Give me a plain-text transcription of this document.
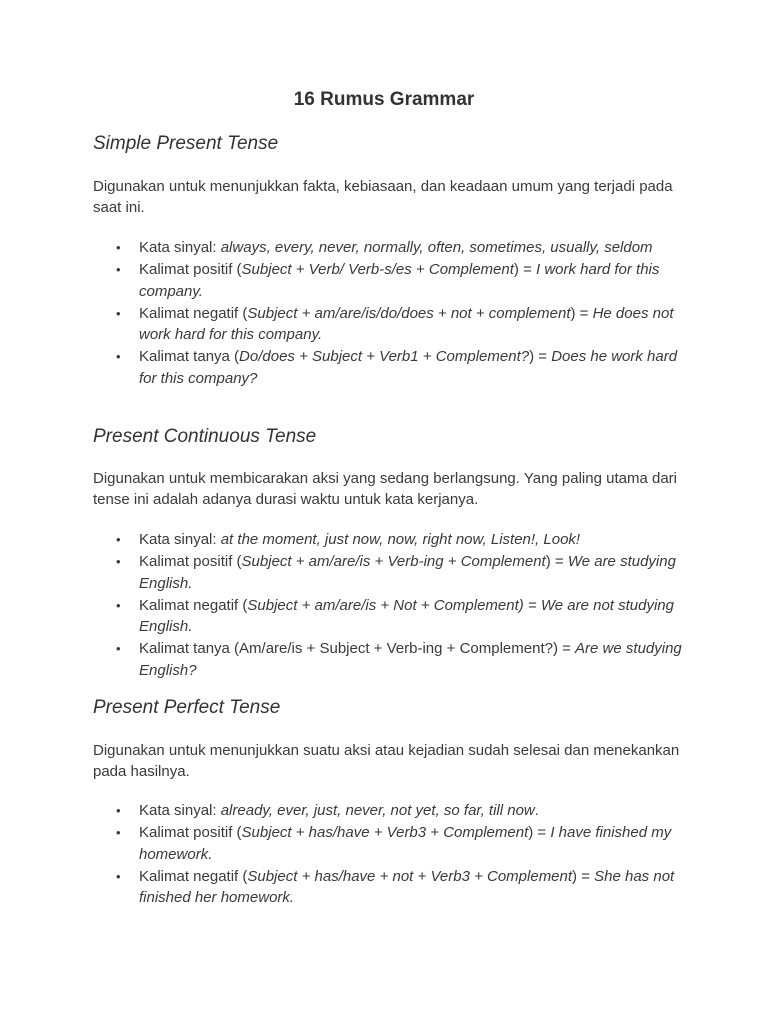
16 Rumus Grammar
Simple Present Tense

Digunakan untuk menunjukkan fakta, kebiasaan, dan keadaan umum yang terjadi pada saat ini.

• Kata sinyal: always, every, never, normally, often, sometimes, usually, seldom
• Kalimat positif (Subject + Verb/ Verb-s/es + Complement) = I work hard for this company.
• Kalimat negatif (Subject + am/are/is/do/does + not + complement) = He does not work hard for this company.
• Kalimat tanya (Do/does + Subject + Verb1 + Complement?) = Does he work hard for this company?
Present Continuous Tense

Digunakan untuk membicarakan aksi yang sedang berlangsung. Yang paling utama dari tense ini adalah adanya durasi waktu untuk kata kerjanya.

• Kata sinyal: at the moment, just now, now, right now, Listen!, Look!
• Kalimat positif (Subject + am/are/is + Verb-ing + Complement) = We are studying English.
• Kalimat negatif (Subject + am/are/is + Not + Complement) = We are not studying English.
• Kalimat tanya (Am/are/is + Subject + Verb-ing + Complement?) = Are we studying English?
Present Perfect Tense

Digunakan untuk menunjukkan suatu aksi atau kejadian sudah selesai dan menekankan pada hasilnya.

• Kata sinyal: already, ever, just, never, not yet, so far, till now.
• Kalimat positif (Subject + has/have + Verb3 + Complement) = I have finished my homework.
• Kalimat negatif (Subject + has/have + not + Verb3 + Complement) = She has not finished her homework.
